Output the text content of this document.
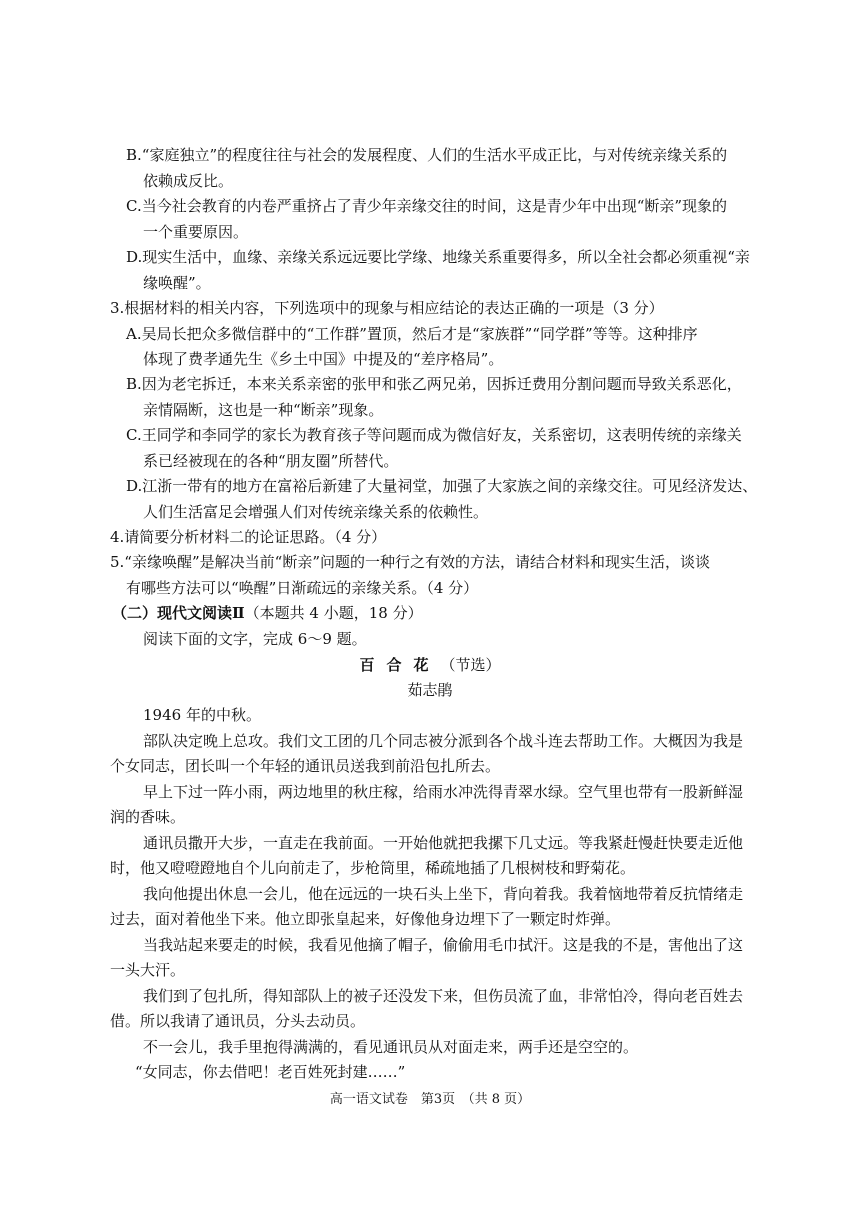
B.“家庭独立”的程度往往与社会的发展程度、人们的生活水平成正比，与对传统亲缘关系的
依赖成反比。
C.当今社会教育的内卷严重挤占了青少年亲缘交往的时间，这是青少年中出现“断亲”现象的
一个重要原因。
D.现实生活中，血缘、亲缘关系远远要比学缘、地缘关系重要得多，所以全社会都必须重视“亲
缘唤醒”。
3.根据材料的相关内容，下列选项中的现象与相应结论的表达正确的一项是（3 分）
A.吴局长把众多微信群中的“工作群”置顶，然后才是“家族群”“同学群”等等。这种排序
体现了费孝通先生《乡土中国》中提及的“差序格局”。
B.因为老宅拆迁，本来关系亲密的张甲和张乙两兄弟，因拆迁费用分割问题而导致关系恶化，
亲情隔断，这也是一种“断亲”现象。
C.王同学和李同学的家长为教育孩子等问题而成为微信好友，关系密切，这表明传统的亲缘关
系已经被现在的各种“朋友圈”所替代。
D.江浙一带有的地方在富裕后新建了大量祠堂，加强了大家族之间的亲缘交往。可见经济发达、
人们生活富足会增强人们对传统亲缘关系的依赖性。
4.请简要分析材料二的论证思路。（4 分）
5.“亲缘唤醒”是解决当前“断亲”问题的一种行之有效的方法，请结合材料和现实生活，谈谈
有哪些方法可以“唤醒”日渐疏远的亲缘关系。（4 分）
（二）现代文阅读Ⅱ（本题共 4 小题，18 分）
阅读下面的文字，完成 6～9 题。
百合花（节选）
茹志鹃
1946 年的中秋。
部队决定晚上总攻。我们文工团的几个同志被分派到各个战斗连去帮助工作。大概因为我是
个女同志，团长叫一个年轻的通讯员送我到前沿包扎所去。
早上下过一阵小雨，两边地里的秋庄稼，给雨水冲洗得青翠水绿。空气里也带有一股新鲜湿
润的香味。
通讯员撒开大步，一直走在我前面。一开始他就把我摞下几丈远。等我紧赶慢赶快要走近他
时，他又噔噔蹬地自个儿向前走了，步枪筒里，稀疏地插了几根树枝和野菊花。
我向他提出休息一会儿，他在远远的一块石头上坐下，背向着我。我着恼地带着反抗情绪走
过去，面对着他坐下来。他立即张皇起来，好像他身边埋下了一颗定时炸弹。
当我站起来要走的时候，我看见他摘了帽子，偷偷用毛巾拭汗。这是我的不是，害他出了这
一头大汗。
我们到了包扎所，得知部队上的被子还没发下来，但伤员流了血，非常怕冷，得向老百姓去
借。所以我请了通讯员，分头去动员。
不一会儿，我手里抱得满满的，看见通讯员从对面走来，两手还是空空的。
“女同志，你去借吧！老百姓死封建……”
高一语文试卷　第3页　（共 8 页）
